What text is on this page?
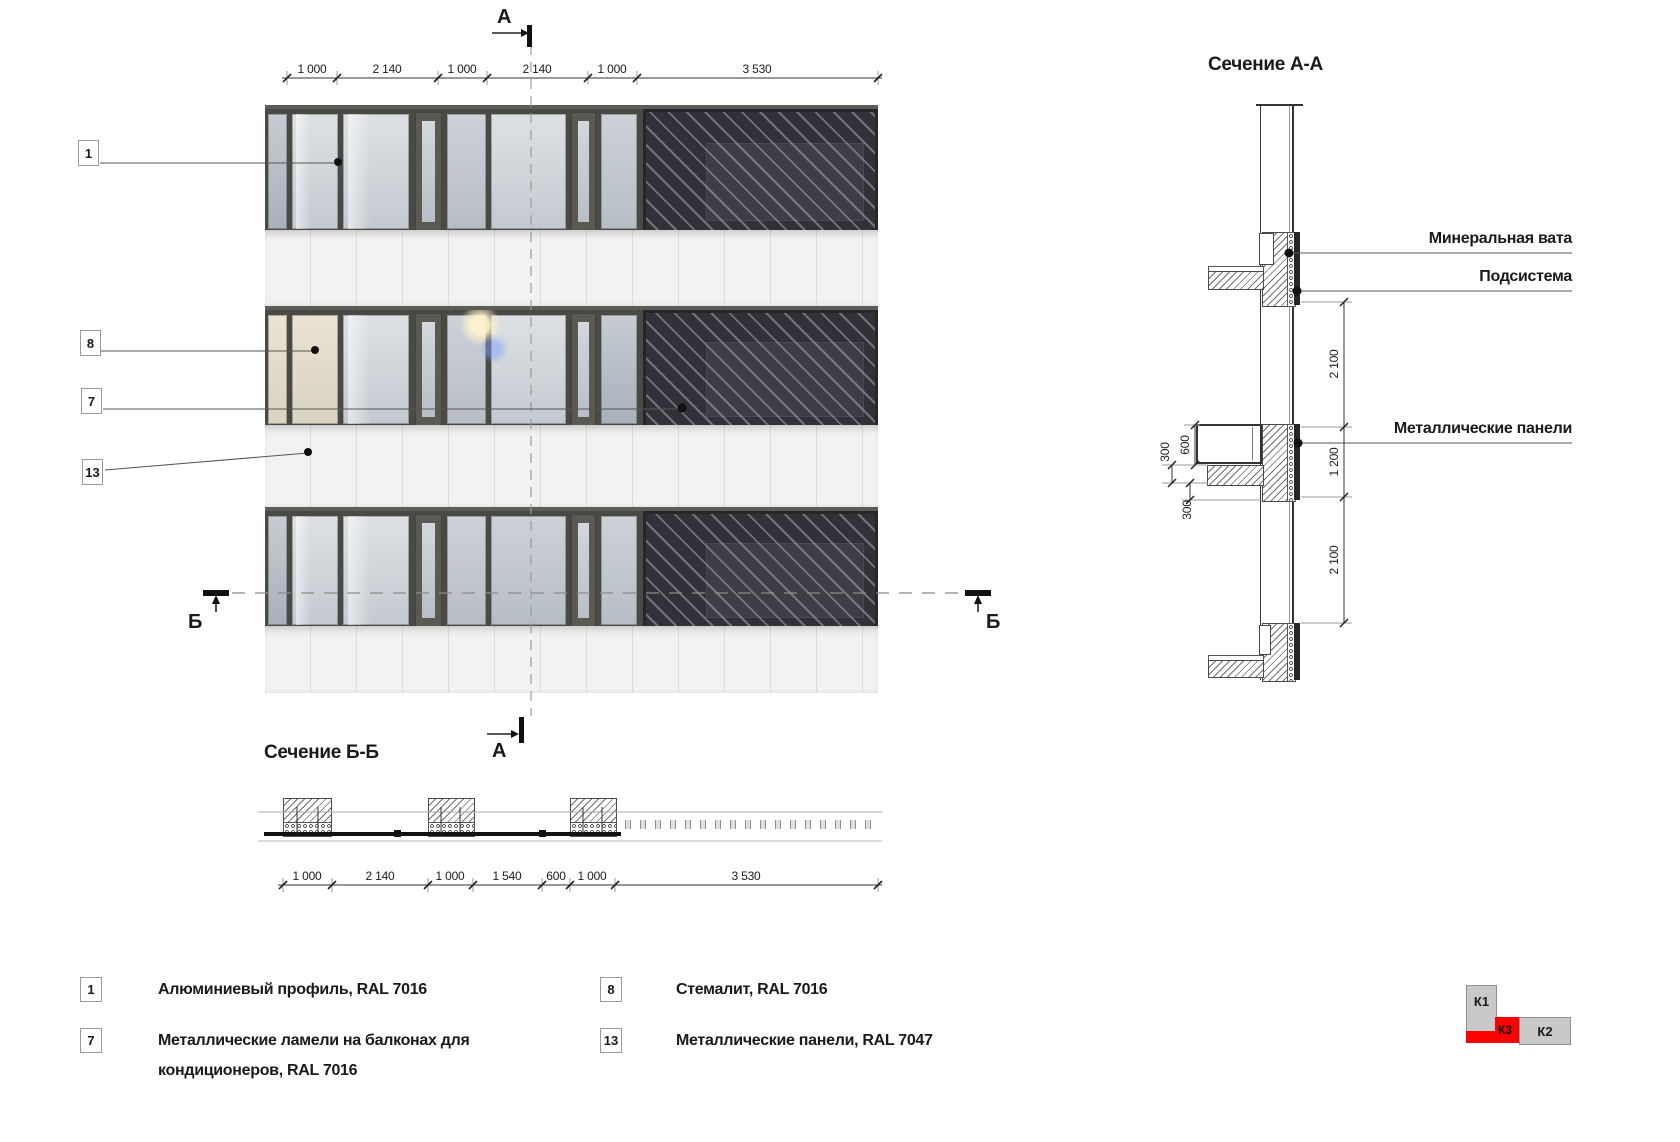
К1
К3 К2
1 000	2 140	1 000	2 140	1 000	3 530
1 000	2 140	1 000	1 540	600 1 000	3 530
А
А
Б	Б
1
8
7
13
Сечение А-А
Сечение Б-Б
Минеральная вата
Подсистема
Металлические панели
2 100
1 200
2 100
600
300
300
1	Алюминиевый профиль, RAL 7016
7	Металлические ламели на балконах для кондиционеров, RAL 7016
8	Стемалит, RAL 7016
13	Металлические панели, RAL 7047
